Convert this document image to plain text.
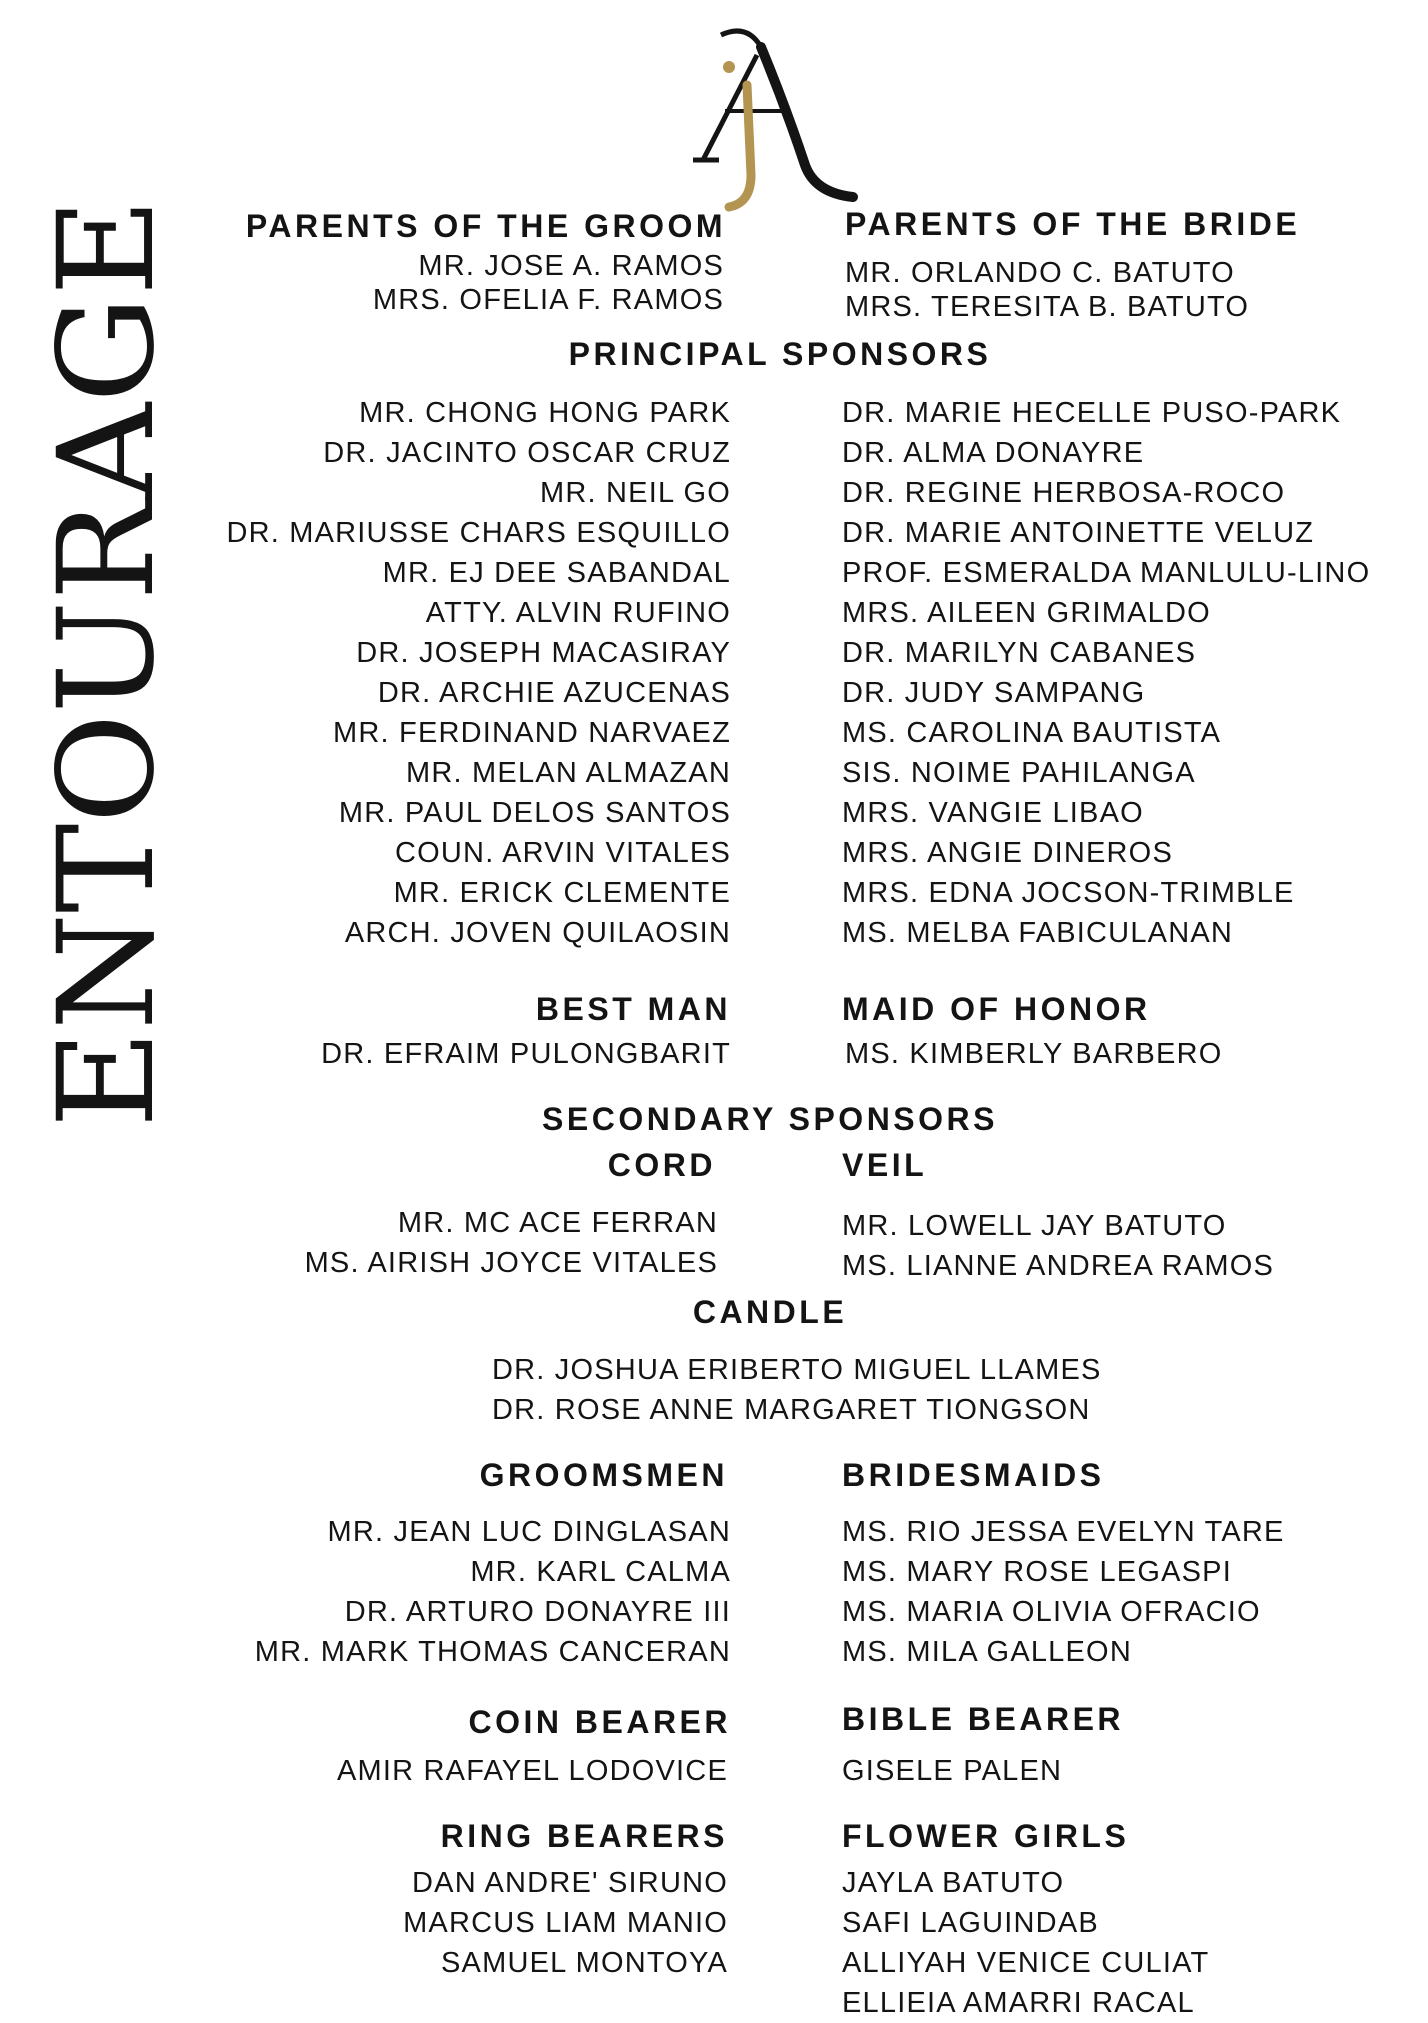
ENTOURAGE PARENTS OF THE GROOM
MR. JOSE A. RAMOS
MRS. OFELIA F. RAMOS
PARENTS OF THE BRIDE
MR. ORLANDO C. BATUTO
MRS. TERESITA B. BATUTO
PRINCIPAL SPONSORS
MR. CHONG HONG PARK
DR. JACINTO OSCAR CRUZ
MR. NEIL GO
DR. MARIUSSE CHARS ESQUILLO
MR. EJ DEE SABANDAL
ATTY. ALVIN RUFINO
DR. JOSEPH MACASIRAY
DR. ARCHIE AZUCENAS
MR. FERDINAND NARVAEZ
MR. MELAN ALMAZAN
MR. PAUL DELOS SANTOS
COUN. ARVIN VITALES
MR. ERICK CLEMENTE
ARCH. JOVEN QUILAOSIN
DR. MARIE HECELLE PUSO-PARK
DR. ALMA DONAYRE
DR. REGINE HERBOSA-ROCO
DR. MARIE ANTOINETTE VELUZ
PROF. ESMERALDA MANLULU-LINO
MRS. AILEEN GRIMALDO
DR. MARILYN CABANES
DR. JUDY SAMPANG
MS. CAROLINA BAUTISTA
SIS. NOIME PAHILANGA
MRS. VANGIE LIBAO
MRS. ANGIE DINEROS
MRS. EDNA JOCSON-TRIMBLE
MS. MELBA FABICULANAN
BEST MAN
DR. EFRAIM PULONGBARIT
MAID OF HONOR
MS. KIMBERLY BARBERO
SECONDARY SPONSORS
CORD
MR. MC ACE FERRAN
MS. AIRISH JOYCE VITALES
VEIL
MR. LOWELL JAY BATUTO
MS. LIANNE ANDREA RAMOS
CANDLE
DR. JOSHUA ERIBERTO MIGUEL LLAMES
DR. ROSE ANNE MARGARET TIONGSON
GROOMSMEN
MR. JEAN LUC DINGLASAN
MR. KARL CALMA
DR. ARTURO DONAYRE III
MR. MARK THOMAS CANCERAN
BRIDESMAIDS
MS. RIO JESSA EVELYN TARE
MS. MARY ROSE LEGASPI
MS. MARIA OLIVIA OFRACIO
MS. MILA GALLEON
COIN BEARER
AMIR RAFAYEL LODOVICE
BIBLE BEARER
GISELE PALEN
RING BEARERS
DAN ANDRE' SIRUNO
MARCUS LIAM MANIO
SAMUEL MONTOYA
FLOWER GIRLS
JAYLA BATUTO
SAFI LAGUINDAB
ALLIYAH VENICE CULIAT
ELLIEIA AMARRI RACAL
